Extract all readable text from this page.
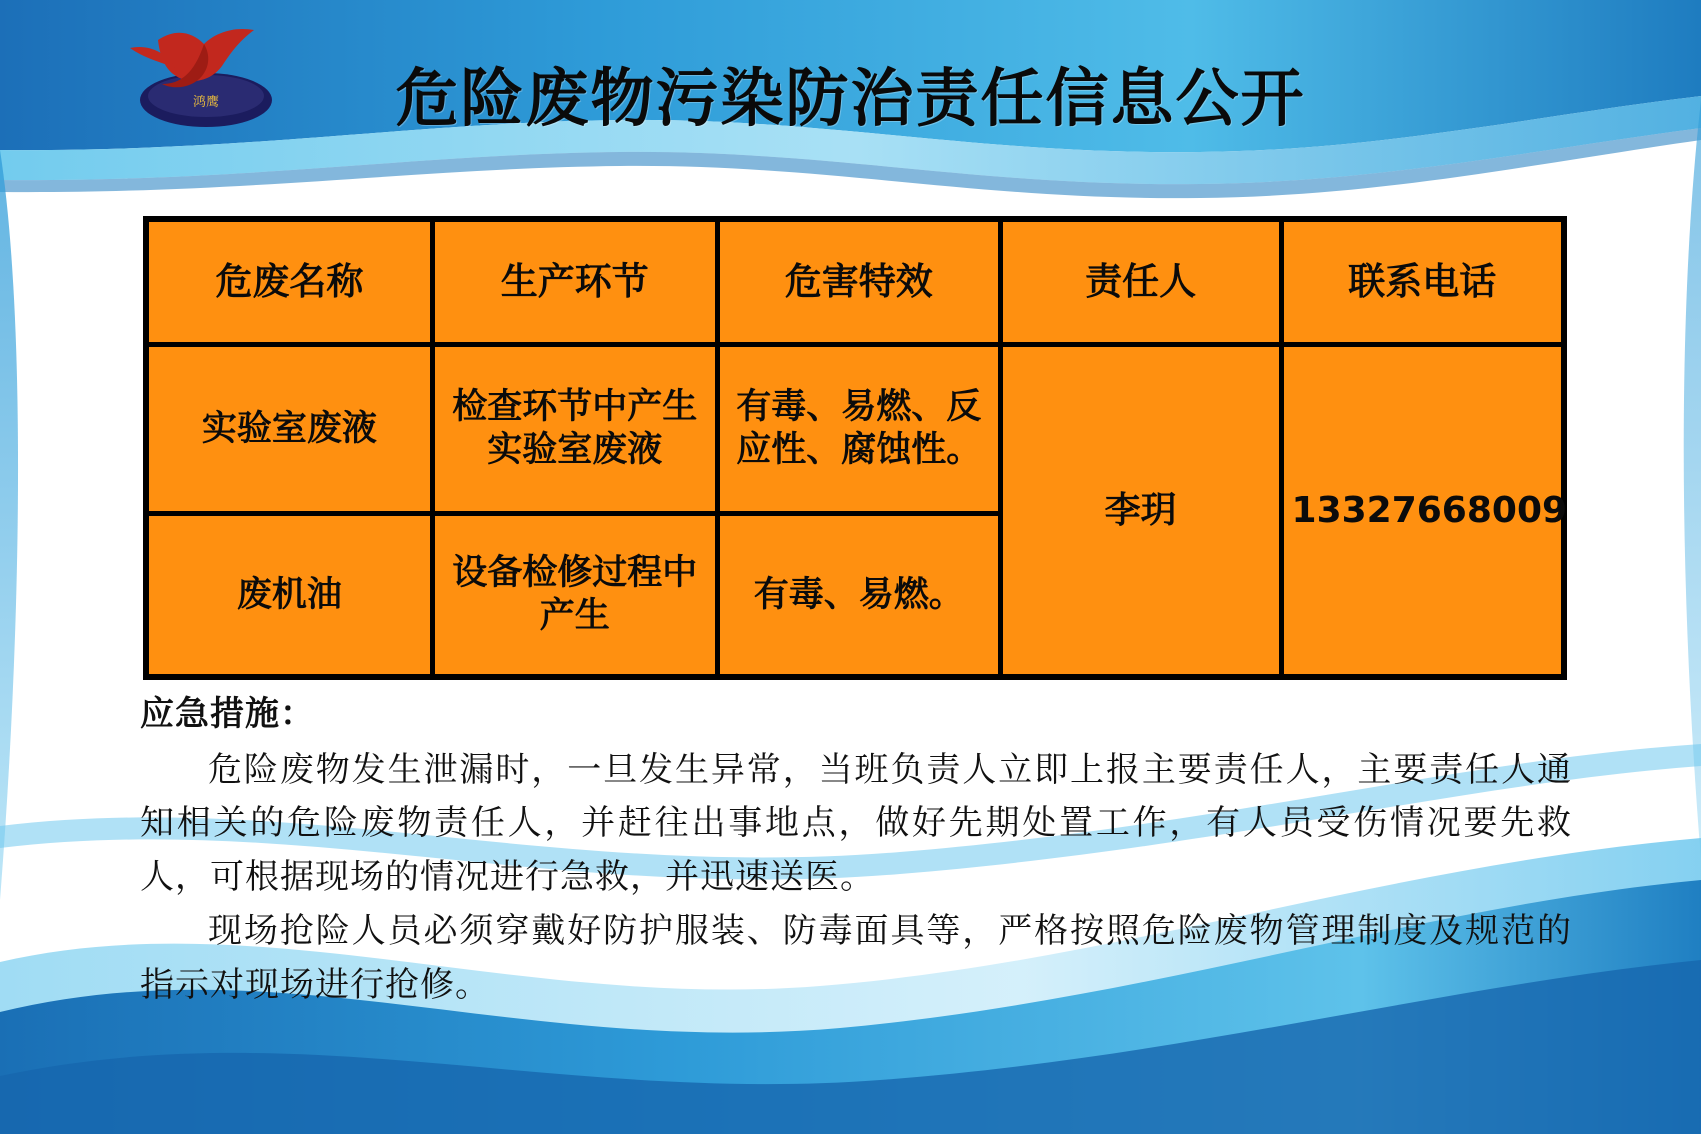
鸿鹰	危险废物污染防治责任信息公开
危废名称	生产环节	危害特效	责任人	联系电话
实验室废液	检查环节中产生实验室废液	有毒、易燃、反应性、腐蚀性。	李玥	13327668009
废机油	设备检修过程中产生	有毒、易燃。		

应急措施：

危险废物发生泄漏时，一旦发生异常，当班负责人立即上报主要责任人，主要责任人通知相关的危险废物责任人，并赶往出事地点，做好先期处置工作，有人员受伤情况要先救人，可根据现场的情况进行急救，并迅速送医。

现场抢险人员必须穿戴好防护服装、防毒面具等，严格按照危险废物管理制度及规范的指示对现场进行抢修。
